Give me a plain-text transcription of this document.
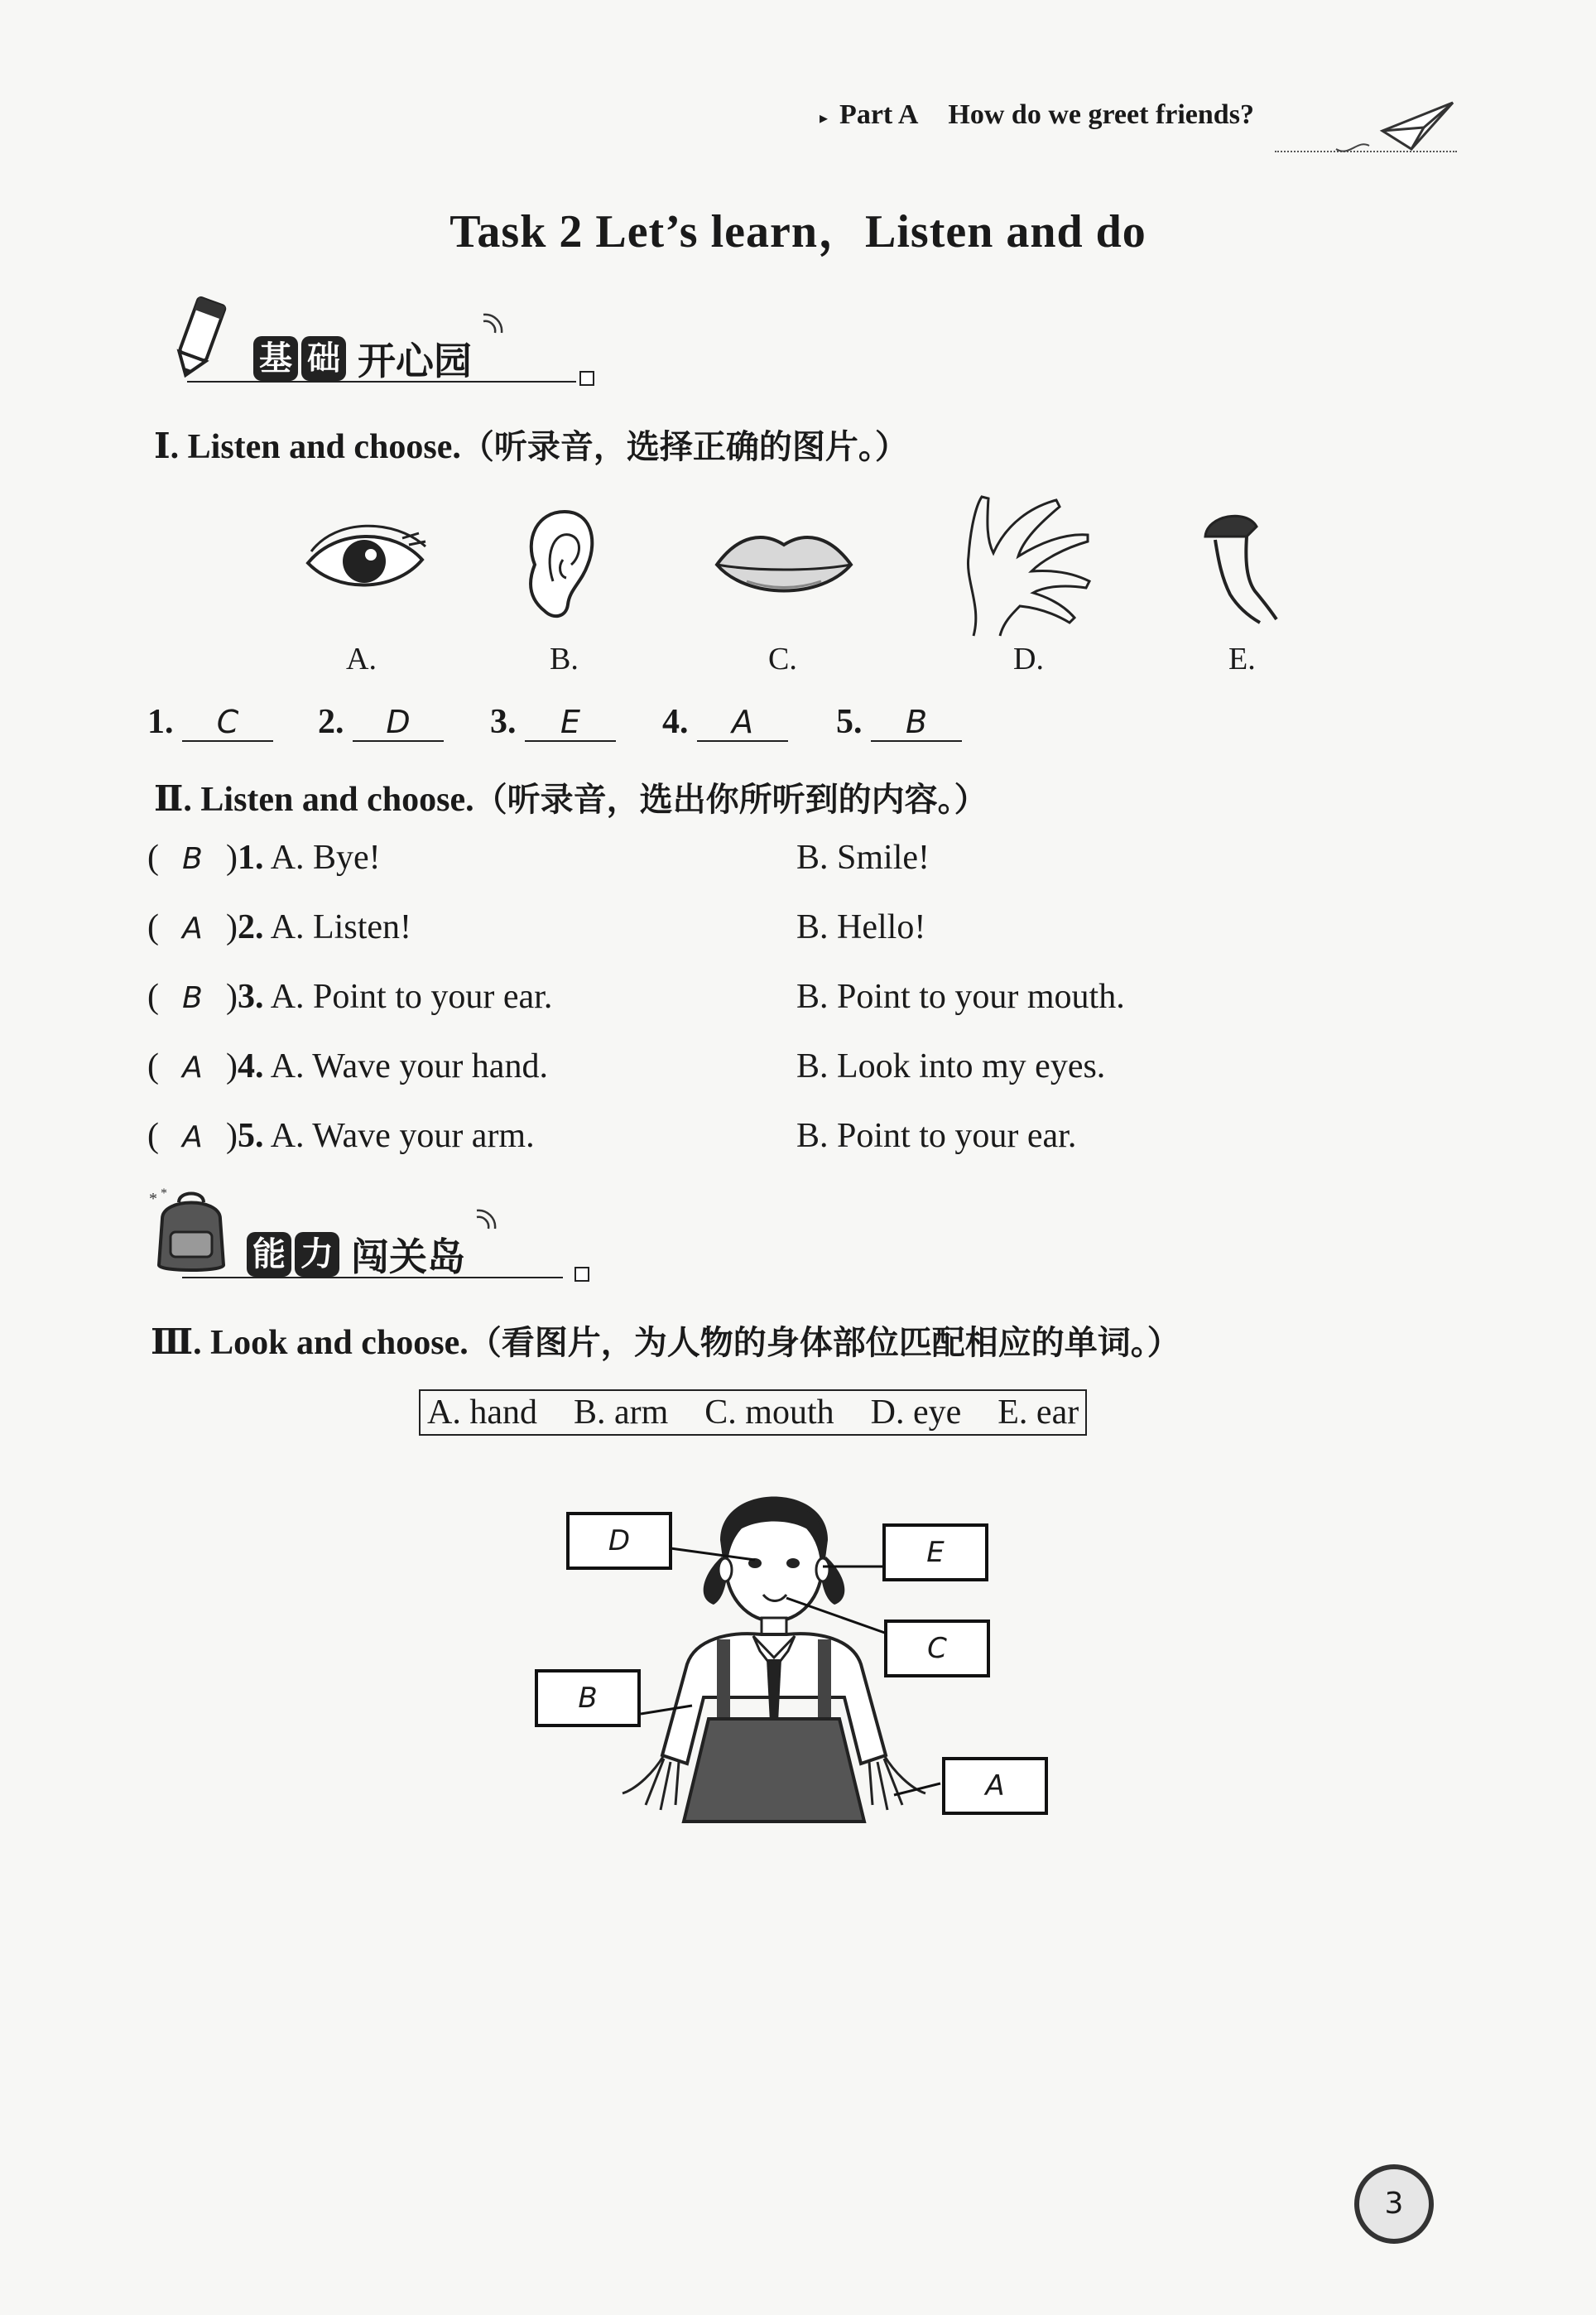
▸ Part A How do we greet friends?
Task 2 Let’s learn，Listen and do
基 础 开心园
Ⅰ. Listen and choose.（听录音，选择正确的图片。）
A.	B.	C.	D.	E.
1. C	2. D	3. E	4. A	5. B
Ⅱ. Listen and choose.（听录音，选出你所听到的内容。）
( B )1. A. Bye!	B. Smile!
( A )2. A. Listen!	B. Hello!
( B )3. A. Point to your ear.	B. Point to your mouth.
( A )4. A. Wave your hand.	B. Look into my eyes.
( A )5. A. Wave your arm.	B. Point to your ear.
* *
能 力 闯关岛
Ⅲ. Look and choose.（看图片，为人物的身体部位匹配相应的单词。）
A. hand B. arm C. mouth D. eye E. ear
D	E
C
B
A
3
